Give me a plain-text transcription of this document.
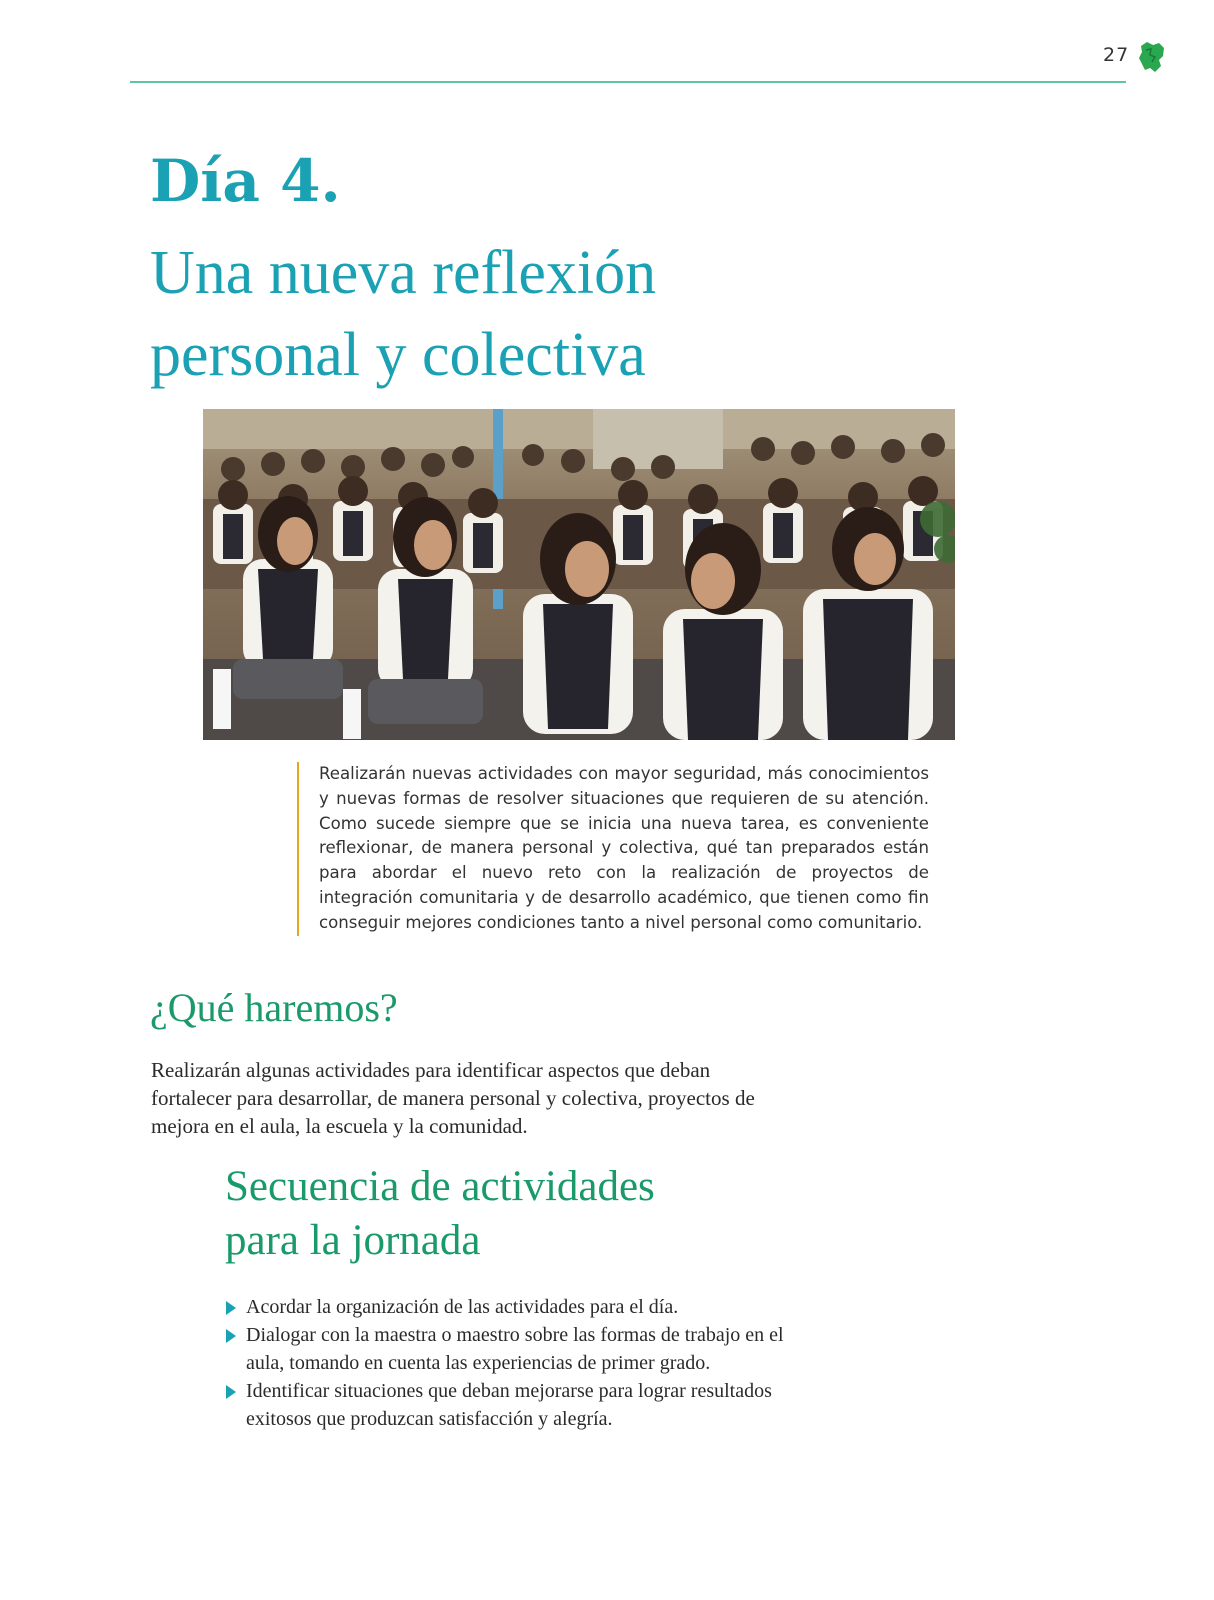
27
Día 4.
Una nueva reflexión
personal y colectiva

Realizarán nuevas actividades con mayor seguridad, más conocimientos y nuevas formas de resolver situaciones que requieren de su atención. Como sucede siempre que se inicia una nueva tarea, es conveniente reflexionar, de manera personal y colectiva, qué tan preparados están para abordar el nuevo reto con la realización de proyectos de integración comunitaria y de desarrollo académico, que tienen como fin conseguir mejores condiciones tanto a nivel personal como comunitario.

¿Qué haremos?

Realizarán algunas actividades para identificar aspectos que deban fortalecer para desarrollar, de manera personal y colectiva, proyectos de mejora en el aula, la escuela y la comunidad.

Secuencia de actividades
para la jornada
Acordar la organización de las actividades para el día.
Dialogar con la maestra o maestro sobre las formas de trabajo en el aula, tomando en cuenta las experiencias de primer grado.
Identificar situaciones que deban mejorarse para lograr resultados exitosos que produzcan satisfacción y alegría.
